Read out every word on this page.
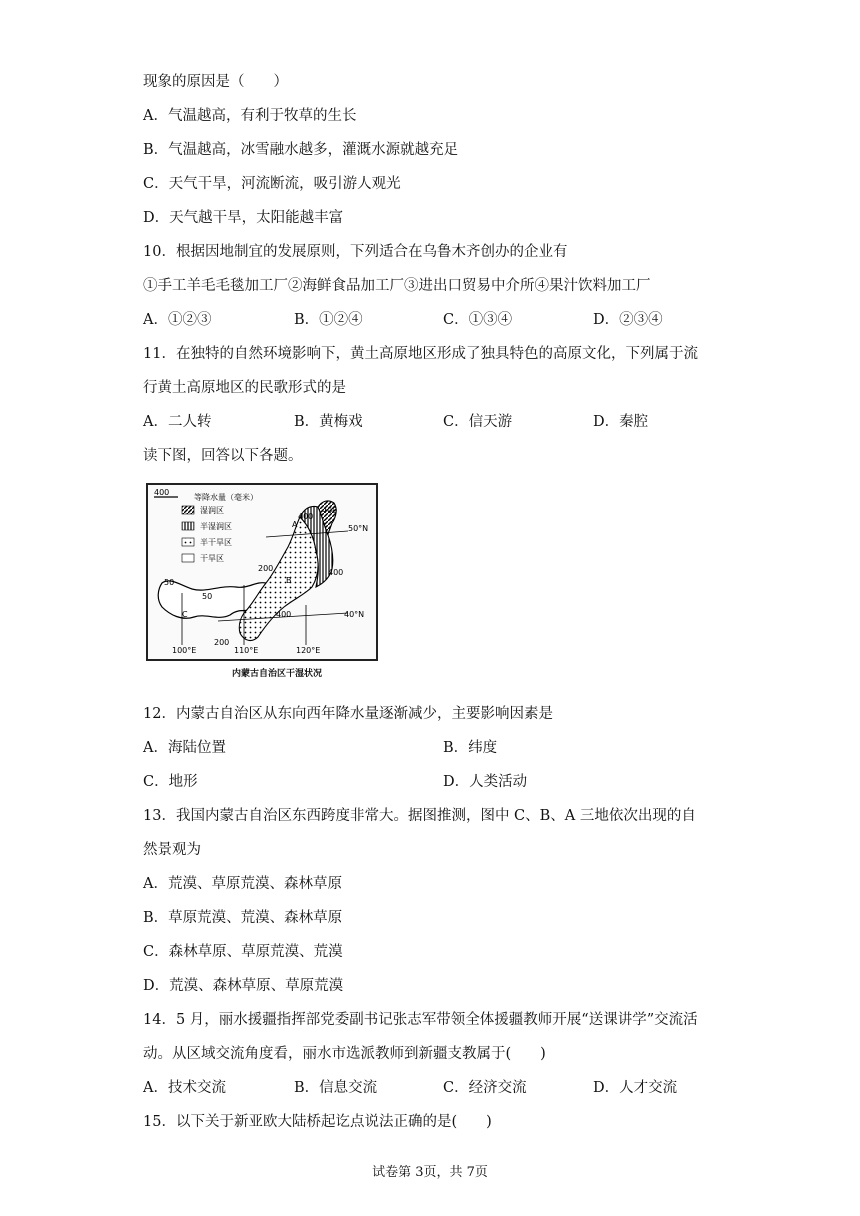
现象的原因是（　　）
A．气温越高，有利于牧草的生长
B．气温越高，冰雪融水越多，灌溉水源就越充足
C．天气干旱，河流断流，吸引游人观光
D．天气越干旱，太阳能越丰富
10．根据因地制宜的发展原则，下列适合在乌鲁木齐创办的企业有
①手工羊毛毛毯加工厂②海鲜食品加工厂③进出口贸易中介所④果汁饮料加工厂
A．①②③	B．①②④	C．①③④	D．②③④
11．在独特的自然环境影响下，黄土高原地区形成了独具特色的高原文化，下列属于流
行黄土高原地区的民歌形式的是
A．二人转	B．黄梅戏	C．信天游	D．秦腔
读下图，回答以下各题。
400
等降水量（毫米）
湿润区
半湿润区
半干旱区
干旱区
A
B
C
50°N
40°N
100°E	110°E	120°E
400
400
400
400
200
200
50
50
内蒙古自治区干湿状况
12．内蒙古自治区从东向西年降水量逐渐减少，主要影响因素是
A．海陆位置	B．纬度
C．地形	D．人类活动
13．我国内蒙古自治区东西跨度非常大。据图推测，图中 C、B、A 三地依次出现的自
然景观为
A．荒漠、草原荒漠、森林草原
B．草原荒漠、荒漠、森林草原
C．森林草原、草原荒漠、荒漠
D．荒漠、森林草原、草原荒漠
14．5 月，丽水援疆指挥部党委副书记张志军带领全体援疆教师开展“送课讲学”交流活
动。从区域交流角度看，丽水市选派教师到新疆支教属于(　　)
A．技术交流	B．信息交流	C．经济交流	D．人才交流
15．以下关于新亚欧大陆桥起讫点说法正确的是(　　)
试卷第 3页，共 7页
